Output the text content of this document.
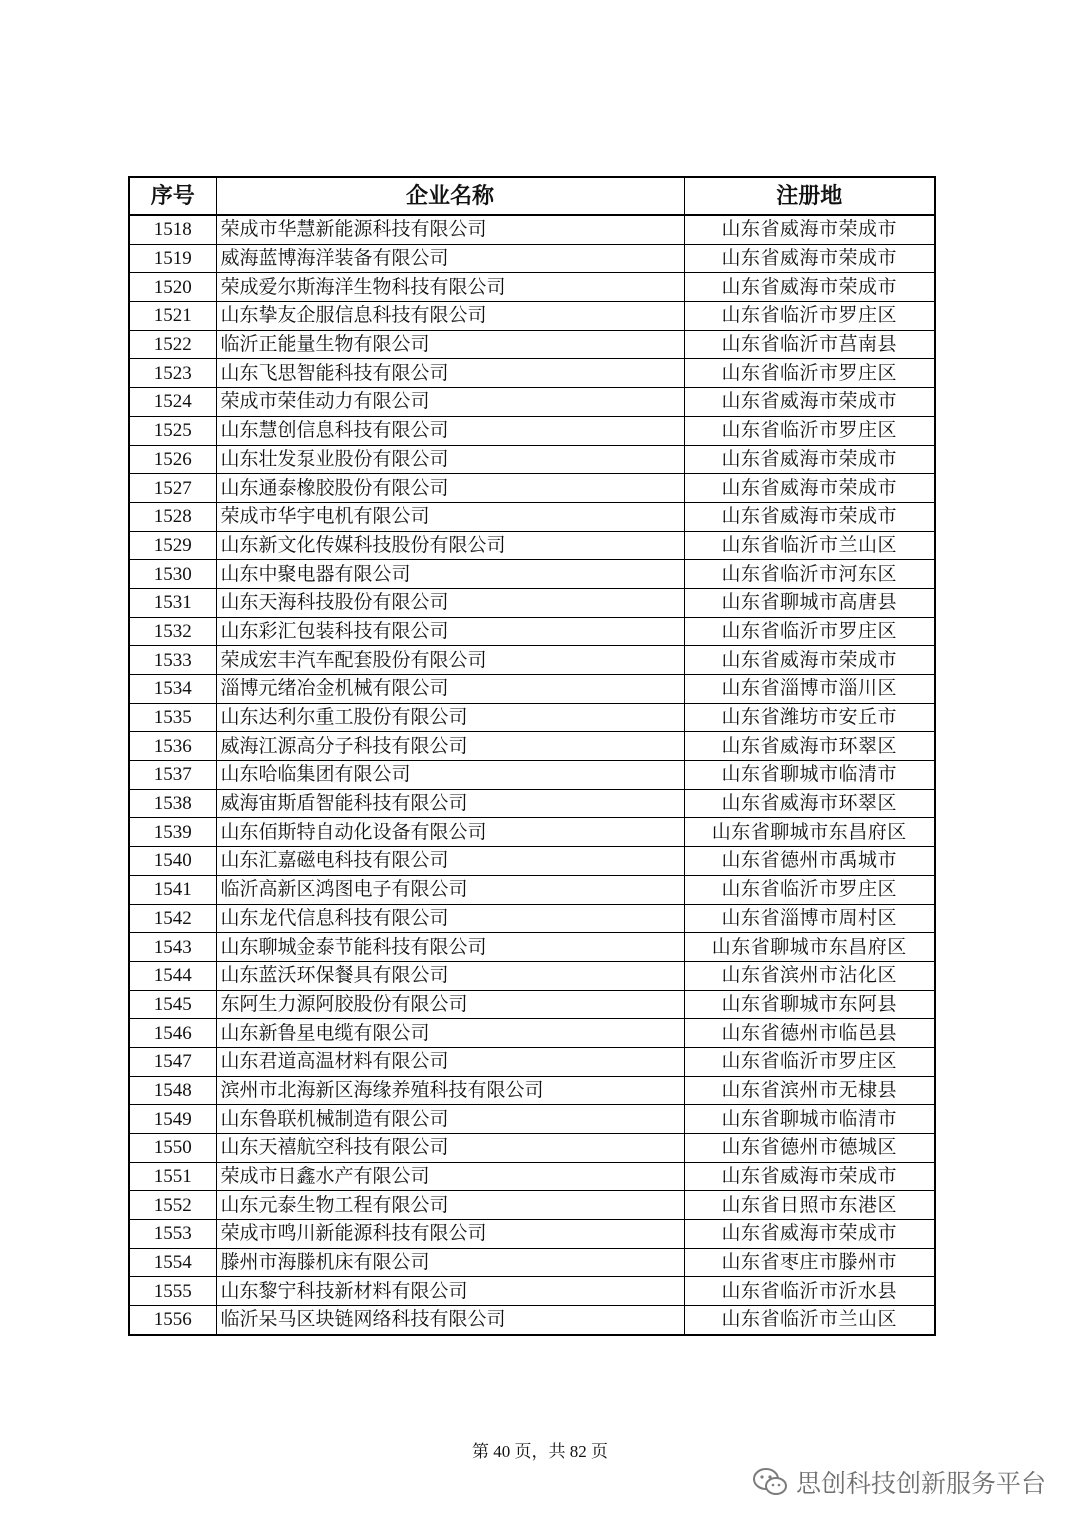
序号	企业名称	注册地
1518	荣成市华慧新能源科技有限公司	山东省威海市荣成市
1519	威海蓝博海洋装备有限公司	山东省威海市荣成市
1520	荣成爱尔斯海洋生物科技有限公司	山东省威海市荣成市
1521	山东挚友企服信息科技有限公司	山东省临沂市罗庄区
1522	临沂正能量生物有限公司	山东省临沂市莒南县
1523	山东飞思智能科技有限公司	山东省临沂市罗庄区
1524	荣成市荣佳动力有限公司	山东省威海市荣成市
1525	山东慧创信息科技有限公司	山东省临沂市罗庄区
1526	山东壮发泵业股份有限公司	山东省威海市荣成市
1527	山东通泰橡胶股份有限公司	山东省威海市荣成市
1528	荣成市华宇电机有限公司	山东省威海市荣成市
1529	山东新文化传媒科技股份有限公司	山东省临沂市兰山区
1530	山东中聚电器有限公司	山东省临沂市河东区
1531	山东天海科技股份有限公司	山东省聊城市高唐县
1532	山东彩汇包装科技有限公司	山东省临沂市罗庄区
1533	荣成宏丰汽车配套股份有限公司	山东省威海市荣成市
1534	淄博元绪冶金机械有限公司	山东省淄博市淄川区
1535	山东达利尔重工股份有限公司	山东省潍坊市安丘市
1536	威海江源高分子科技有限公司	山东省威海市环翠区
1537	山东哈临集团有限公司	山东省聊城市临清市
1538	威海宙斯盾智能科技有限公司	山东省威海市环翠区
1539	山东佰斯特自动化设备有限公司	山东省聊城市东昌府区
1540	山东汇嘉磁电科技有限公司	山东省德州市禹城市
1541	临沂高新区鸿图电子有限公司	山东省临沂市罗庄区
1542	山东龙代信息科技有限公司	山东省淄博市周村区
1543	山东聊城金泰节能科技有限公司	山东省聊城市东昌府区
1544	山东蓝沃环保餐具有限公司	山东省滨州市沾化区
1545	东阿生力源阿胶股份有限公司	山东省聊城市东阿县
1546	山东新鲁星电缆有限公司	山东省德州市临邑县
1547	山东君道高温材料有限公司	山东省临沂市罗庄区
1548	滨州市北海新区海缘养殖科技有限公司	山东省滨州市无棣县
1549	山东鲁联机械制造有限公司	山东省聊城市临清市
1550	山东天禧航空科技有限公司	山东省德州市德城区
1551	荣成市日鑫水产有限公司	山东省威海市荣成市
1552	山东元泰生物工程有限公司	山东省日照市东港区
1553	荣成市鸣川新能源科技有限公司	山东省威海市荣成市
1554	滕州市海滕机床有限公司	山东省枣庄市滕州市
1555	山东黎宁科技新材料有限公司	山东省临沂市沂水县
1556	临沂呆马区块链网络科技有限公司	山东省临沂市兰山区
第 40 页，共 82 页
思创科技创新服务平台
